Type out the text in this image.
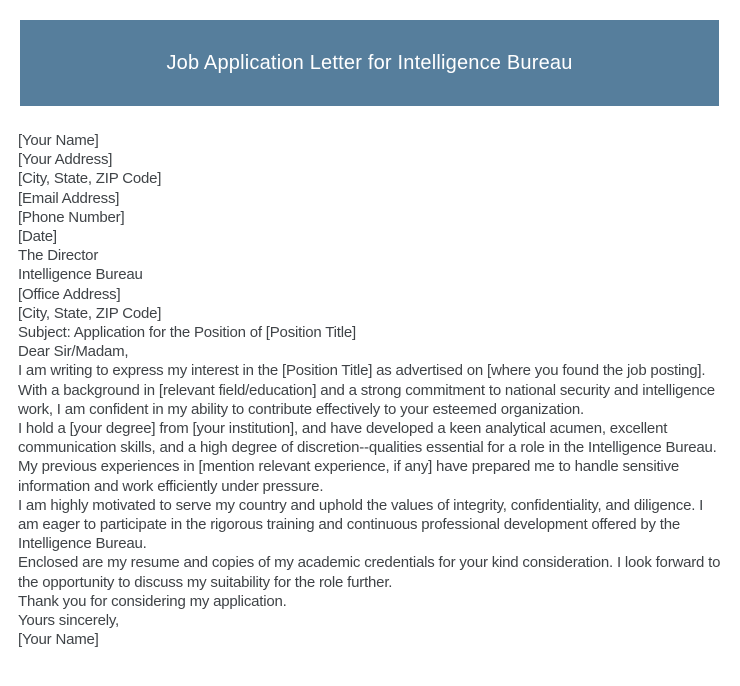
Job Application Letter for Intelligence Bureau
[Your Name]
[Your Address]
[City, State, ZIP Code]
[Email Address]
[Phone Number]
[Date]
The Director
Intelligence Bureau
[Office Address]
[City, State, ZIP Code]
Subject: Application for the Position of [Position Title]
Dear Sir/Madam,

I am writing to express my interest in the [Position Title] as advertised on [where you found the job posting]. With a background in [relevant field/education] and a strong commitment to national security and intelligence work, I am confident in my ability to contribute effectively to your esteemed organization.

I hold a [your degree] from [your institution], and have developed a keen analytical acumen, excellent communication skills, and a high degree of discretion--qualities essential for a role in the Intelligence Bureau. My previous experiences in [mention relevant experience, if any] have prepared me to handle sensitive information and work efficiently under pressure.

I am highly motivated to serve my country and uphold the values of integrity, confidentiality, and diligence. I am eager to participate in the rigorous training and continuous professional development offered by the Intelligence Bureau.

Enclosed are my resume and copies of my academic credentials for your kind consideration. I look forward to the opportunity to discuss my suitability for the role further.

Thank you for considering my application.
Yours sincerely,
[Your Name]
